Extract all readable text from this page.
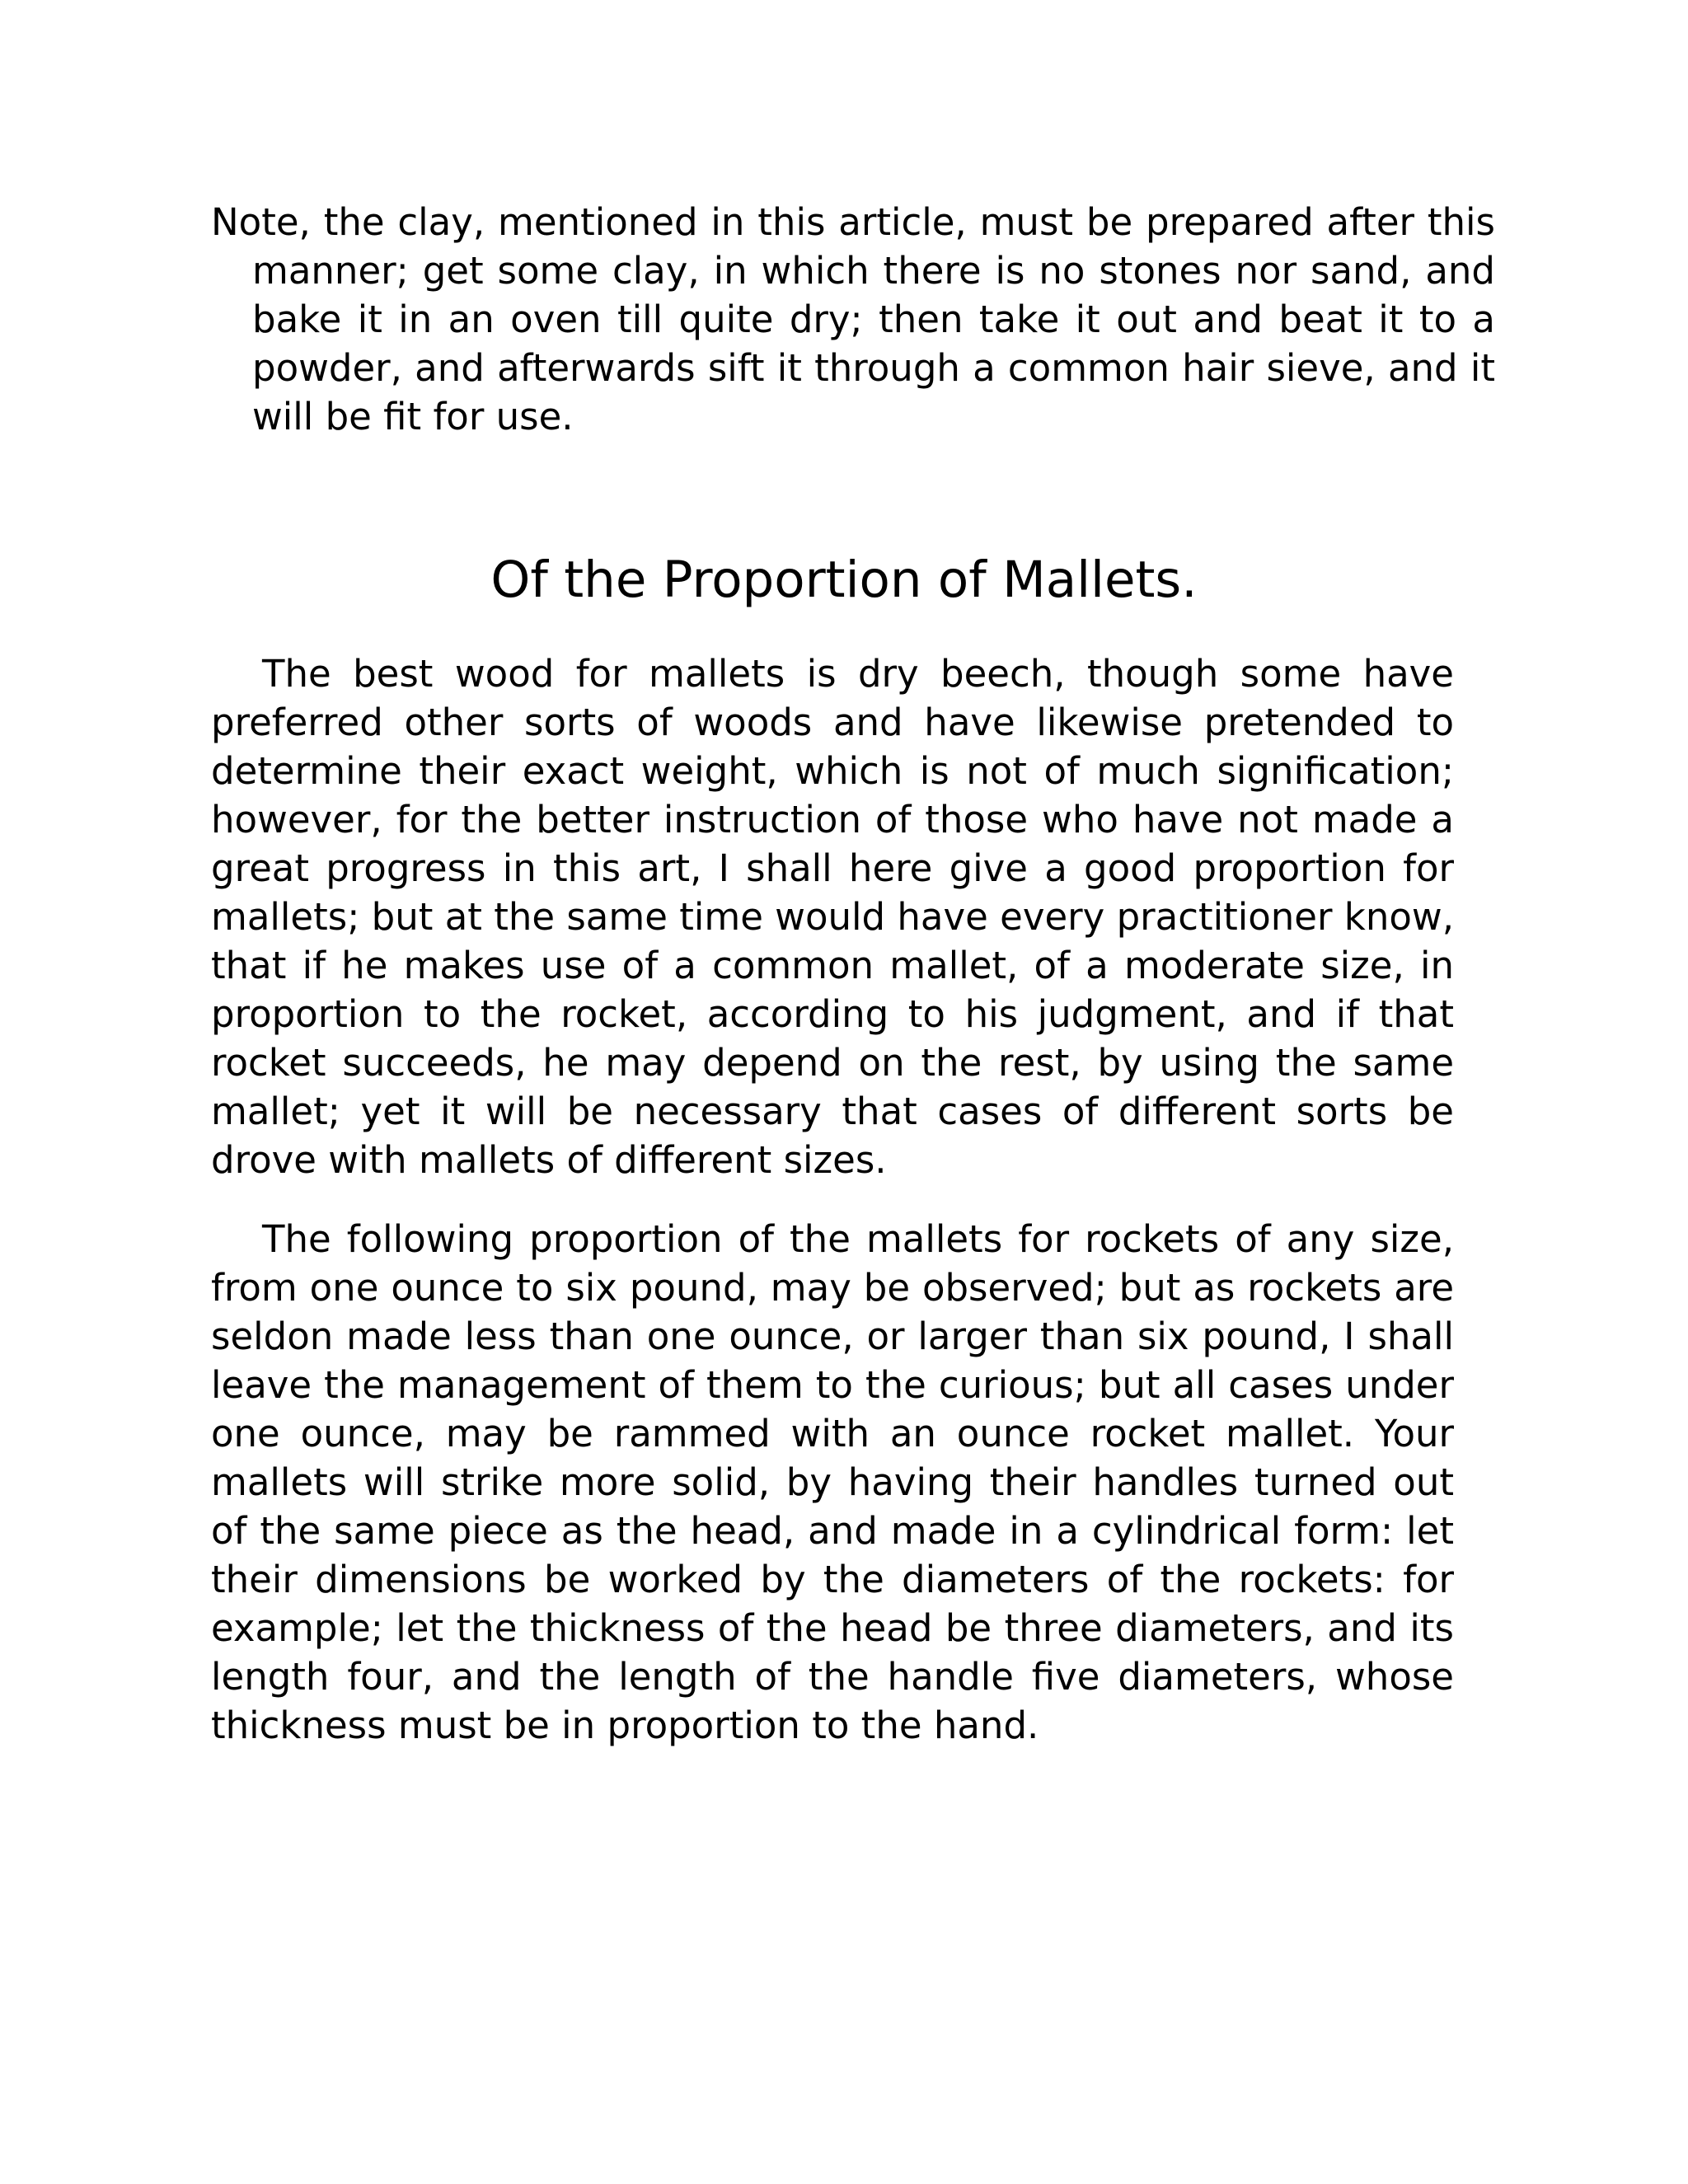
Note, the clay, mentioned in this article, must be prepared after this manner; get some clay, in which there is no stones nor sand, and bake it in an oven till quite dry; then take it out and beat it to a powder, and afterwards sift it through a common hair sieve, and it will be fit for use.

Of the Proportion of Mallets.

The best wood for mallets is dry beech, though some have preferred other sorts of woods and have likewise pretended to determine their exact weight, which is not of much signification; however, for the better instruction of those who have not made a great progress in this art, I shall here give a good proportion for mallets; but at the same time would have every practitioner know, that if he makes use of a common mallet, of a moderate size, in proportion to the rocket, according to his judgment, and if that rocket succeeds, he may depend on the rest, by using the same mallet; yet it will be necessary that cases of different sorts be drove with mallets of different sizes.

The following proportion of the mallets for rockets of any size, from one ounce to six pound, may be observed; but as rockets are seldon made less than one ounce, or larger than six pound, I shall leave the management of them to the curious; but all cases under one ounce, may be rammed with an ounce rocket mallet. Your mallets will strike more solid, by having their handles turned out of the same piece as the head, and made in a cylindrical form: let their dimensions be worked by the diameters of the rockets: for example; let the thickness of the head be three diameters, and its length four, and the length of the handle five diameters, whose thickness must be in proportion to the hand.
